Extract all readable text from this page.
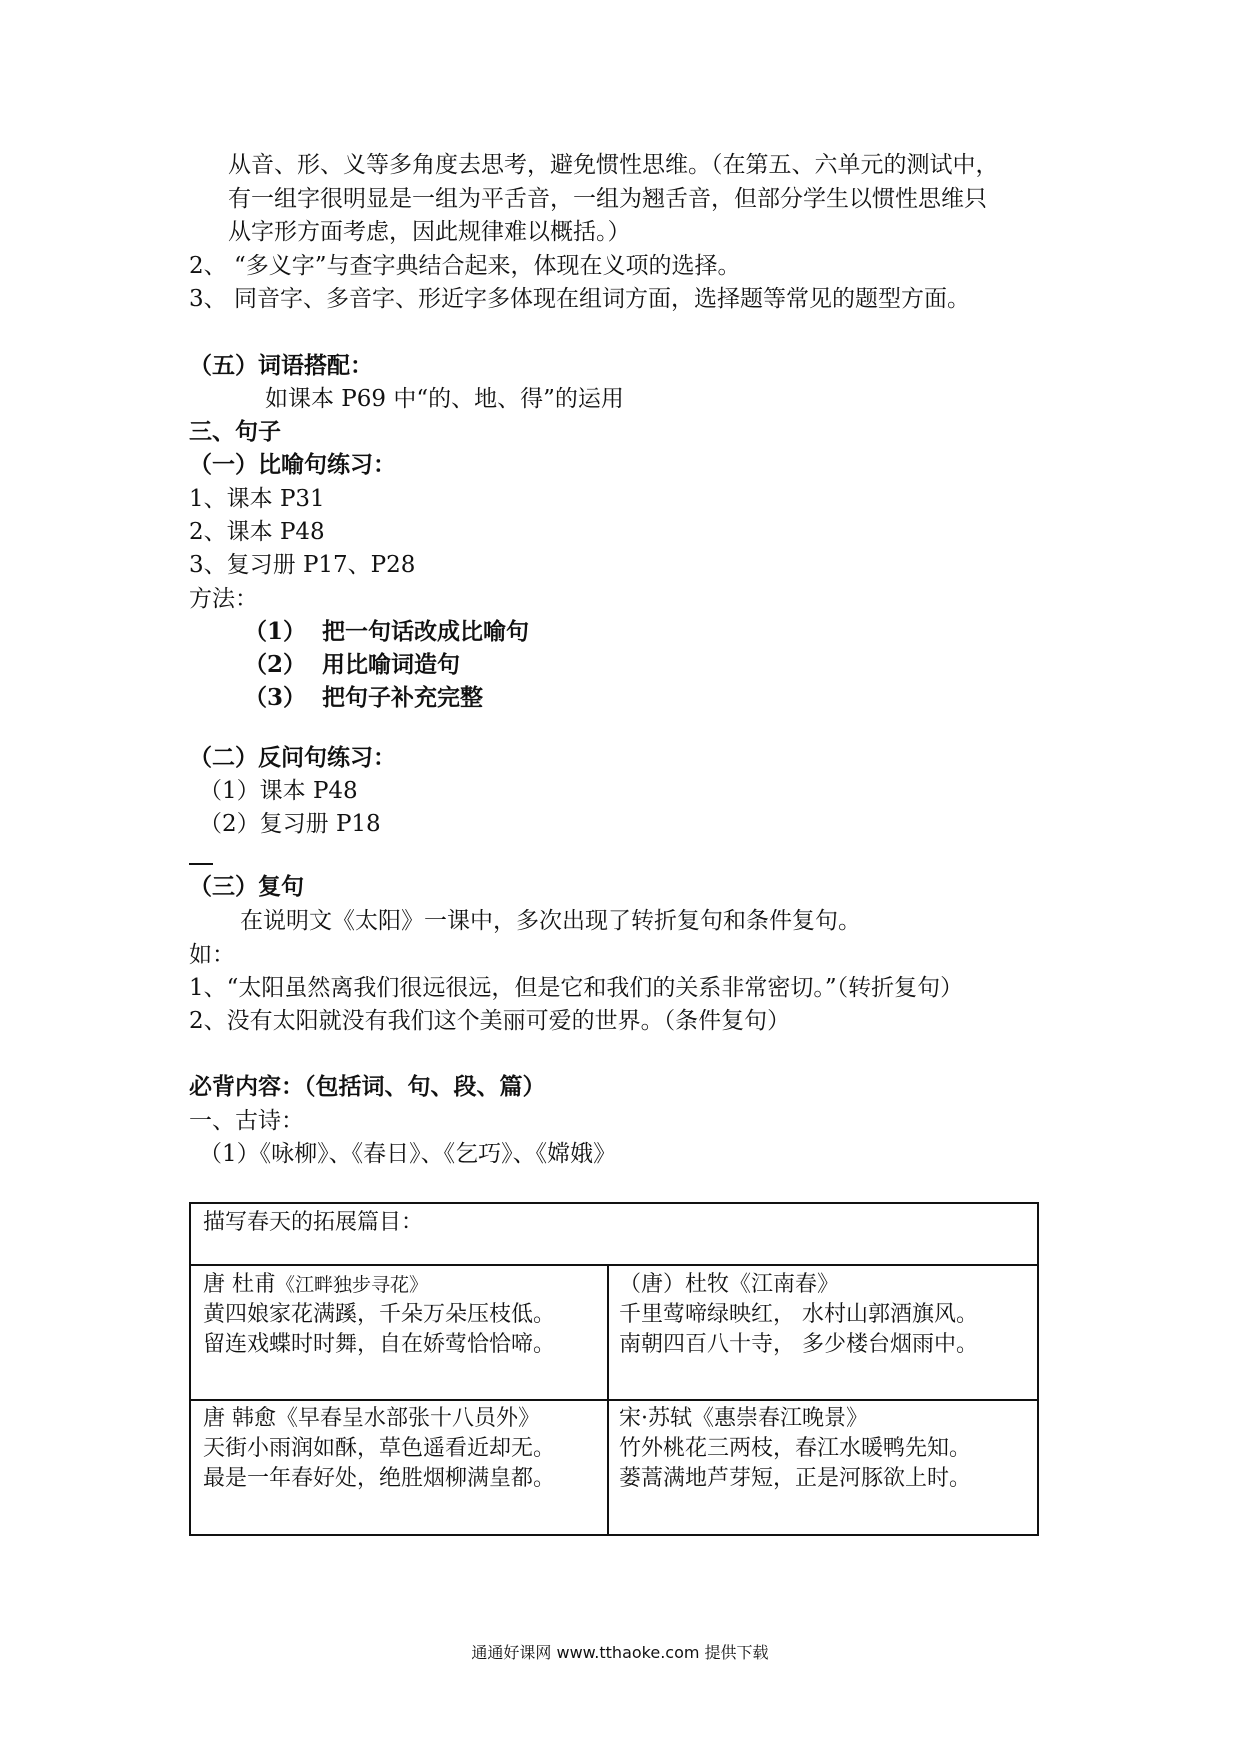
从音、形、义等多角度去思考，避免惯性思维。（在第五、六单元的测试中，
有一组字很明显是一组为平舌音，一组为翘舌音，但部分学生以惯性思维只
从字形方面考虑，因此规律难以概括。）
2、 “多义字”与查字典结合起来，体现在义项的选择。
3、 同音字、多音字、形近字多体现在组词方面，选择题等常见的题型方面。
（五）词语搭配：
如课本 P69 中“的、地、得”的运用
三、句子
（一）比喻句练习：
1、课本 P31
2、课本 P48
3、复习册 P17、P28
方法：
（1） 把一句话改成比喻句
（2） 用比喻词造句
（3） 把句子补充完整
（二）反问句练习：
（1）课本 P48
（2）复习册 P18
（三）复句
在说明文《太阳》一课中，多次出现了转折复句和条件复句。
如：
1、“太阳虽然离我们很远很远，但是它和我们的关系非常密切。”（转折复句）
2、没有太阳就没有我们这个美丽可爱的世界。（条件复句）
必背内容：（包括词、句、段、篇）
一、古诗：
（1）《咏柳》、《春日》、《乞巧》、《嫦娥》
描写春天的拓展篇目：
唐 杜甫《江畔独步寻花》
黄四娘家花满蹊，千朵万朵压枝低。
留连戏蝶时时舞，自在娇莺恰恰啼。
（唐）杜牧《江南春》
千里莺啼绿映红， 水村山郭酒旗风。
南朝四百八十寺， 多少楼台烟雨中。
唐 韩愈《早春呈水部张十八员外》
天街小雨润如酥，草色遥看近却无。
最是一年春好处，绝胜烟柳满皇都。
宋·苏轼《惠崇春江晚景》
竹外桃花三两枝，春江水暖鸭先知。
蒌蒿满地芦芽短，正是河豚欲上时。
通通好课网 www.tthaoke.com 提供下载
